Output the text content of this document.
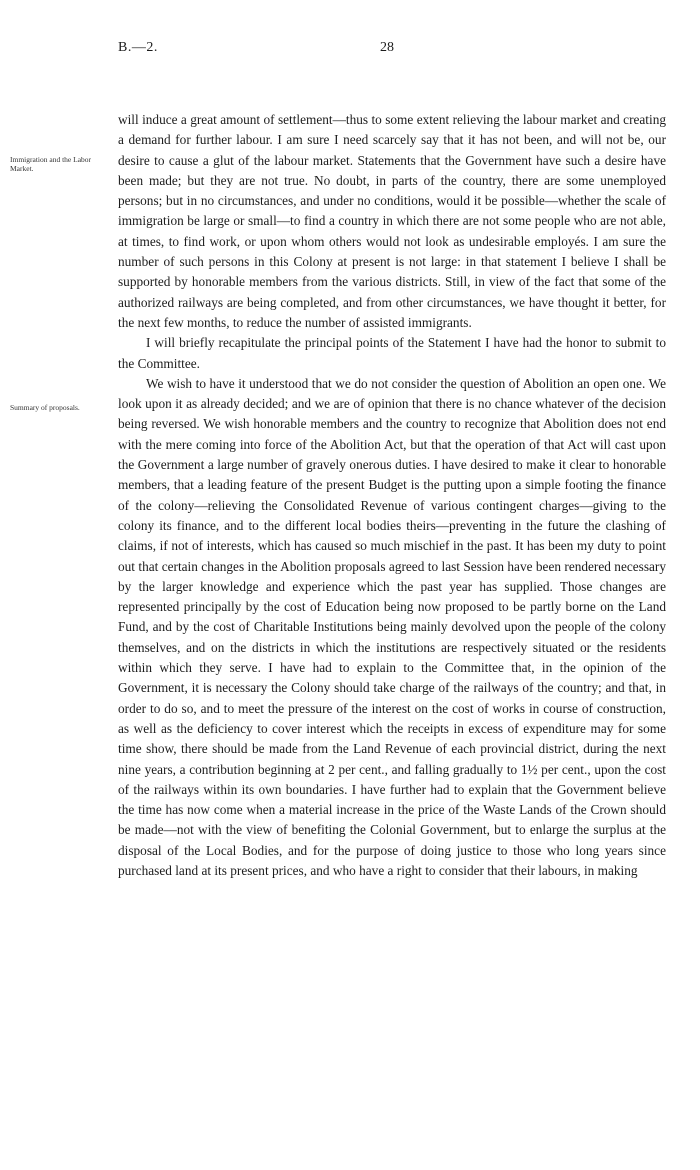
B.—2.	28
Immigration and the Labor Market.
Summary of proposals.

will induce a great amount of settlement—thus to some extent relieving the labour market and creating a demand for further labour. I am sure I need scarcely say that it has not been, and will not be, our desire to cause a glut of the labour market. Statements that the Government have such a desire have been made; but they are not true. No doubt, in parts of the country, there are some unemployed persons; but in no circumstances, and under no conditions, would it be possible—whether the scale of immigration be large or small—to find a country in which there are not some people who are not able, at times, to find work, or upon whom others would not look as undesirable employés. I am sure the number of such persons in this Colony at present is not large: in that statement I believe I shall be supported by honorable members from the various districts. Still, in view of the fact that some of the authorized railways are being completed, and from other circumstances, we have thought it better, for the next few months, to reduce the number of assisted immigrants.

I will briefly recapitulate the principal points of the Statement I have had the honor to submit to the Committee.

We wish to have it understood that we do not consider the question of Abolition an open one. We look upon it as already decided; and we are of opinion that there is no chance whatever of the decision being reversed. We wish honorable members and the country to recognize that Abolition does not end with the mere coming into force of the Abolition Act, but that the operation of that Act will cast upon the Government a large number of gravely onerous duties. I have desired to make it clear to honorable members, that a leading feature of the present Budget is the putting upon a simple footing the finance of the colony—relieving the Consolidated Revenue of various contingent charges—giving to the colony its finance, and to the different local bodies theirs—preventing in the future the clashing of claims, if not of interests, which has caused so much mischief in the past. It has been my duty to point out that certain changes in the Abolition proposals agreed to last Session have been rendered necessary by the larger knowledge and experience which the past year has supplied. Those changes are represented principally by the cost of Education being now proposed to be partly borne on the Land Fund, and by the cost of Charitable Institutions being mainly devolved upon the people of the colony themselves, and on the districts in which the institutions are respectively situated or the residents within which they serve. I have had to explain to the Committee that, in the opinion of the Government, it is necessary the Colony should take charge of the railways of the country; and that, in order to do so, and to meet the pressure of the interest on the cost of works in course of construction, as well as the deficiency to cover interest which the receipts in excess of expenditure may for some time show, there should be made from the Land Revenue of each provincial district, during the next nine years, a contribution beginning at 2 per cent., and falling gradually to 1½ per cent., upon the cost of the railways within its own boundaries. I have further had to explain that the Government believe the time has now come when a material increase in the price of the Waste Lands of the Crown should be made—not with the view of benefiting the Colonial Government, but to enlarge the surplus at the disposal of the Local Bodies, and for the purpose of doing justice to those who long years since purchased land at its present prices, and who have a right to consider that their labours, in making
